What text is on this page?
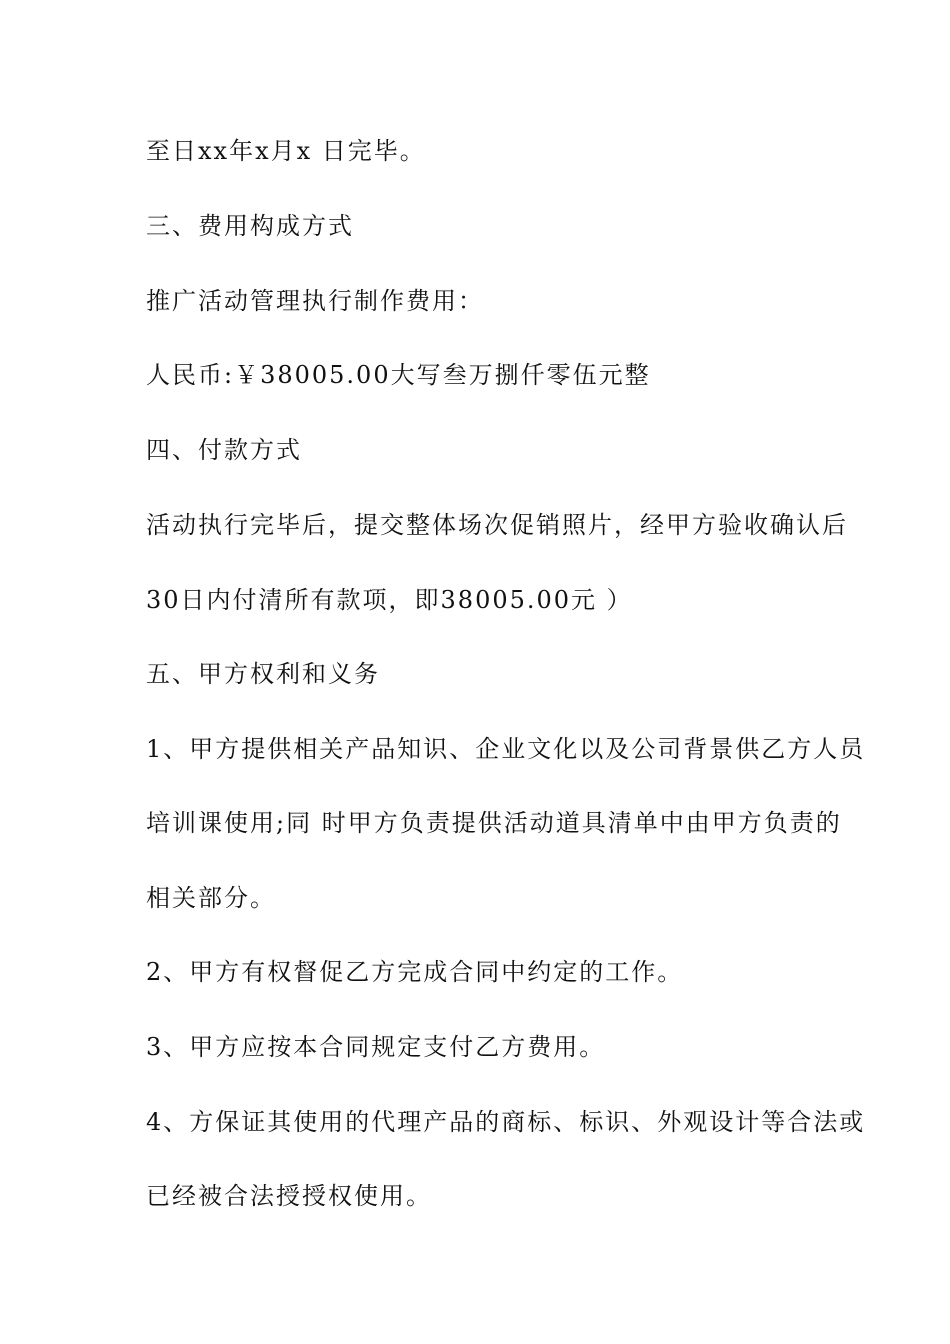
至日xx年x月x 日完毕。
三、费用构成方式
推广活动管理执行制作费用：
人民币:￥38005.00大写叁万捌仟零伍元整
四、付款方式
活动执行完毕后，提交整体场次促销照片，经甲方验收确认后
30日内付清所有款项，即38005.00元 ）
五、甲方权利和义务
1、甲方提供相关产品知识、企业文化以及公司背景供乙方人员
培训课使用;同 时甲方负责提供活动道具清单中由甲方负责的
相关部分。
2、甲方有权督促乙方完成合同中约定的工作。
3、甲方应按本合同规定支付乙方费用。
4、方保证其使用的代理产品的商标、标识、外观设计等合法或
已经被合法授授权使用。
